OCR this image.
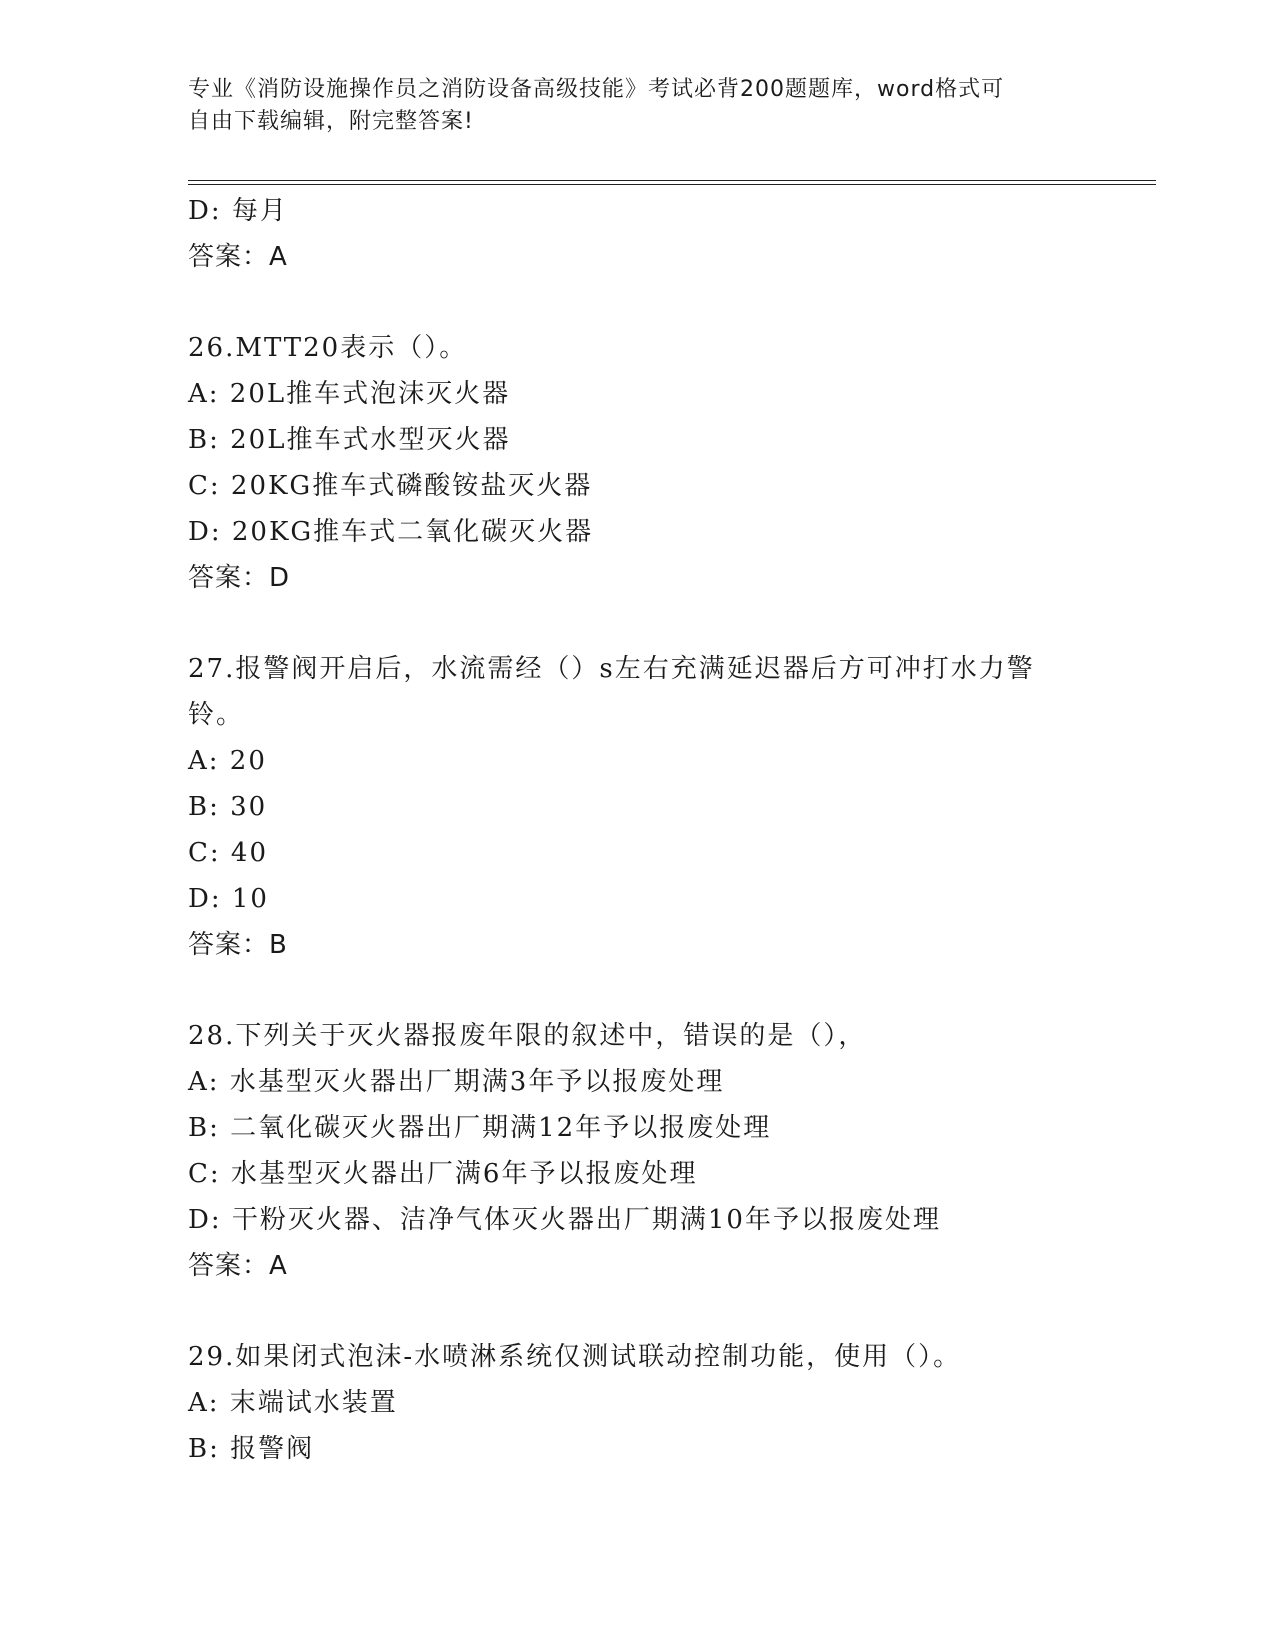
专业《消防设施操作员之消防设备高级技能》考试必背200题题库，word格式可
自由下载编辑，附完整答案!
D: 每月
答案：A
26.MTT20表示（）。
A: 20L推车式泡沫灭火器
B: 20L推车式水型灭火器
C: 20KG推车式磷酸铵盐灭火器
D: 20KG推车式二氧化碳灭火器
答案：D
27.报警阀开启后，水流需经（）s左右充满延迟器后方可冲打水力警铃。
A: 20
B: 30
C: 40
D: 10
答案：B
28.下列关于灭火器报废年限的叙述中，错误的是（），
A: 水基型灭火器出厂期满3年予以报废处理
B: 二氧化碳灭火器出厂期满12年予以报废处理
C: 水基型灭火器出厂满6年予以报废处理
D: 干粉灭火器、洁净气体灭火器出厂期满10年予以报废处理
答案：A
29.如果闭式泡沫-水喷淋系统仅测试联动控制功能，使用（）。
A: 末端试水装置
B: 报警阀
